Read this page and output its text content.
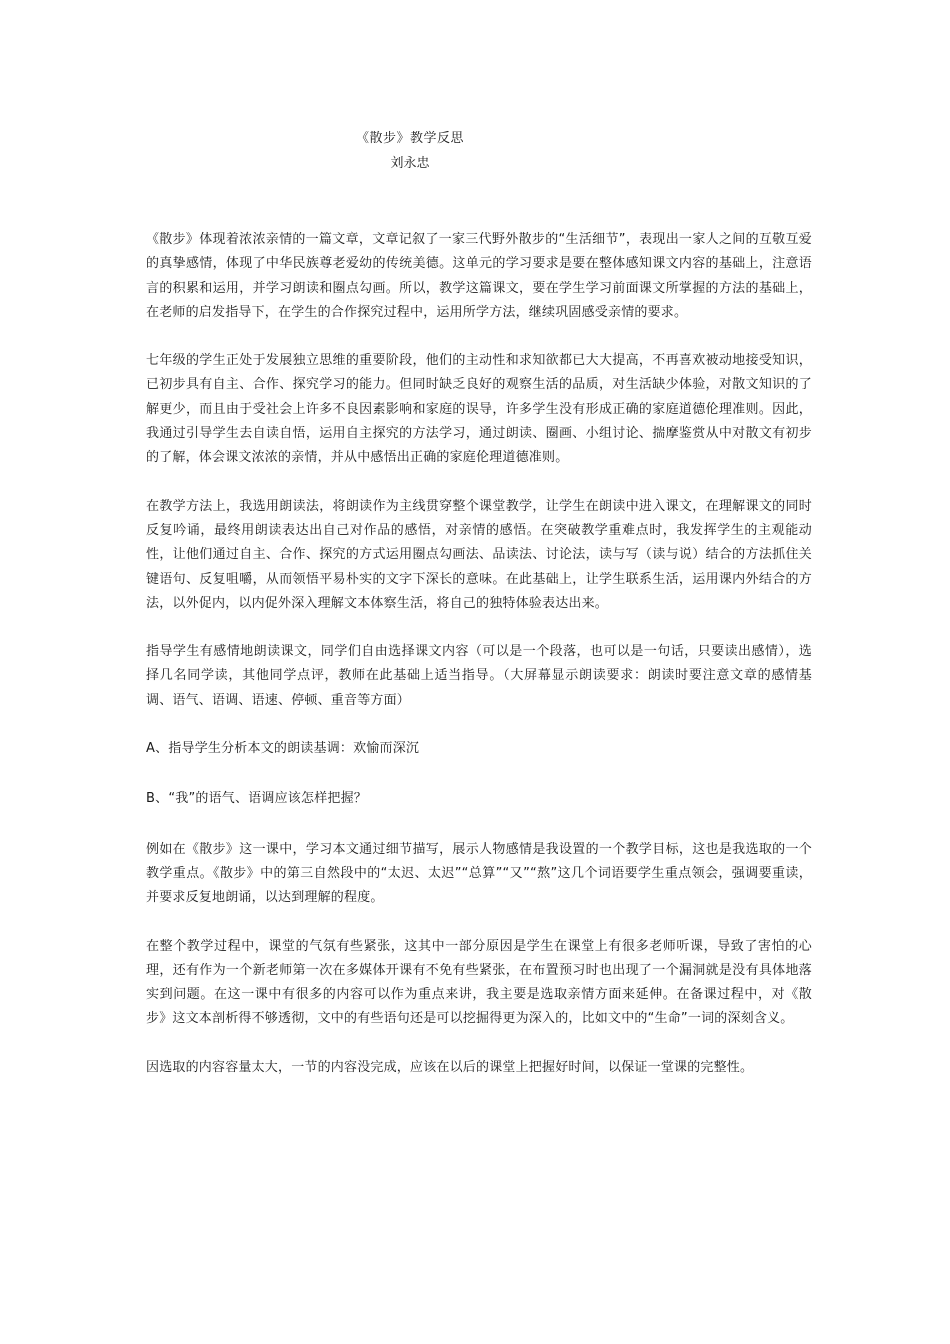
《散步》教学反思
刘永忠

《散步》体现着浓浓亲情的一篇文章，文章记叙了一家三代野外散步的“生活细节”，表现出一家人之间的互敬互爱的真挚感情，体现了中华民族尊老爱幼的传统美德。这单元的学习要求是要在整体感知课文内容的基础上，注意语言的积累和运用，并学习朗读和圈点勾画。所以，教学这篇课文，要在学生学习前面课文所掌握的方法的基础上，在老师的启发指导下，在学生的合作探究过程中，运用所学方法，继续巩固感受亲情的要求。

七年级的学生正处于发展独立思维的重要阶段，他们的主动性和求知欲都已大大提高，不再喜欢被动地接受知识，已初步具有自主、合作、探究学习的能力。但同时缺乏良好的观察生活的品质，对生活缺少体验，对散文知识的了解更少，而且由于受社会上许多不良因素影响和家庭的误导，许多学生没有形成正确的家庭道德伦理准则。因此，我通过引导学生去自读自悟，运用自主探究的方法学习，通过朗读、圈画、小组讨论、揣摩鉴赏从中对散文有初步的了解，体会课文浓浓的亲情，并从中感悟出正确的家庭伦理道德准则。

在教学方法上，我选用朗读法，将朗读作为主线贯穿整个课堂教学，让学生在朗读中进入课文，在理解课文的同时反复吟诵，最终用朗读表达出自己对作品的感悟，对亲情的感悟。在突破教学重难点时，我发挥学生的主观能动性，让他们通过自主、合作、探究的方式运用圈点勾画法、品读法、讨论法，读与写（读与说）结合的方法抓住关键语句、反复咀嚼，从而领悟平易朴实的文字下深长的意味。在此基础上，让学生联系生活，运用课内外结合的方法，以外促内，以内促外深入理解文本体察生活，将自己的独特体验表达出来。

指导学生有感情地朗读课文，同学们自由选择课文内容（可以是一个段落，也可以是一句话，只要读出感情），选择几名同学读，其他同学点评，教师在此基础上适当指导。（大屏幕显示朗读要求：朗读时要注意文章的感情基调、语气、语调、语速、停顿、重音等方面）

A、指导学生分析本文的朗读基调：欢愉而深沉

B、“我”的语气、语调应该怎样把握？

例如在《散步》这一课中，学习本文通过细节描写，展示人物感情是我设置的一个教学目标，这也是我选取的一个教学重点。《散步》中的第三自然段中的“太迟、太迟”“总算”“又”“熬”这几个词语要学生重点领会，强调要重读，并要求反复地朗诵，以达到理解的程度。

在整个教学过程中，课堂的气氛有些紧张，这其中一部分原因是学生在课堂上有很多老师听课，导致了害怕的心理，还有作为一个新老师第一次在多媒体开课有不免有些紧张，在布置预习时也出现了一个漏洞就是没有具体地落实到问题。在这一课中有很多的内容可以作为重点来讲，我主要是选取亲情方面来延伸。在备课过程中，对《散步》这文本剖析得不够透彻，文中的有些语句还是可以挖掘得更为深入的，比如文中的“生命”一词的深刻含义。

因选取的内容容量太大，一节的内容没完成，应该在以后的课堂上把握好时间，以保证一堂课的完整性。
